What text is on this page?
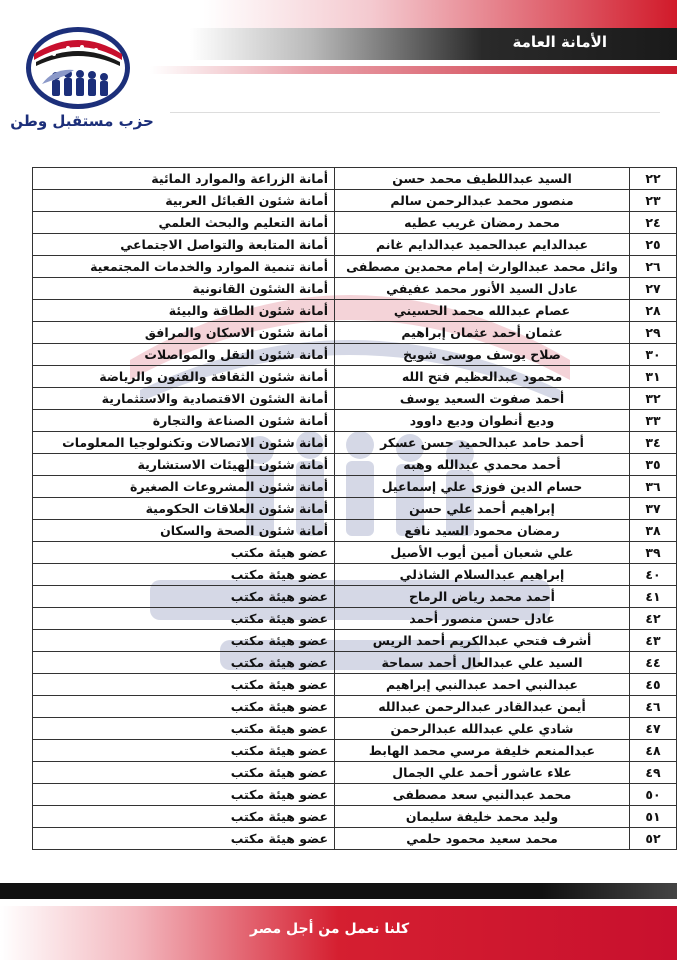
الأمانة العامة
حزب مستقبل وطن
٢٢	السيد عبداللطيف محمد حسن	أمانة الزراعة والموارد المائية
٢٣	منصور محمد عبدالرحمن سالم	أمانة شئون القبائل العربية
٢٤	محمد رمضان غريب عطيه	أمانة التعليم والبحث العلمي
٢٥	عبدالدايم عبدالحميد عبدالدايم غانم	أمانة المتابعة والتواصل الاجتماعي
٢٦	وائل محمد عبدالوارث إمام محمدين مصطفى	أمانة تنمية الموارد والخدمات المجتمعية
٢٧	عادل السيد الأنور محمد عفيفي	أمانة الشئون القانونية
٢٨	عصام عبدالله محمد الحسيني	أمانة شئون الطاقة والبيئة
٢٩	عثمان أحمد عثمان إبراهيم	أمانة شئون الاسكان والمرافق
٣٠	صلاح يوسف موسى شويخ	أمانة شئون النقل والمواصلات
٣١	محمود عبدالعظيم فتح الله	أمانة شئون الثقافة والفنون والرياضة
٣٢	أحمد صفوت السعيد يوسف	أمانة الشئون الاقتصادية والاستثمارية
٣٣	وديع أنطوان وديع داوود	أمانة شئون الصناعة والتجارة
٣٤	أحمد حامد عبدالحميد حسن عسكر	أمانة شئون الاتصالات وتكنولوجيا المعلومات
٣٥	أحمد محمدي عبدالله وهبه	أمانة شئون الهيئات الاستشارية
٣٦	حسام الدين فوزى علي إسماعيل	أمانة شئون المشروعات الصغيرة
٣٧	إبراهيم أحمد علي حسن	أمانة شئون العلاقات الحكومية
٣٨	رمضان محمود السيد نافع	أمانة شئون الصحة والسكان
٣٩	علي شعبان أمين أيوب الأصيل	عضو هيئة مكتب
٤٠	إبراهيم عبدالسلام الشاذلي	عضو هيئة مكتب
٤١	أحمد محمد رياض الرماح	عضو هيئة مكتب
٤٢	عادل حسن منصور أحمد	عضو هيئة مكتب
٤٣	أشرف فتحي عبدالكريم أحمد الريس	عضو هيئة مكتب
٤٤	السيد علي عبدالعال أحمد سماحة	عضو هيئة مكتب
٤٥	عبدالنبي احمد عبدالنبي إبراهيم	عضو هيئة مكتب
٤٦	أيمن عبدالقادر عبدالرحمن عبدالله	عضو هيئة مكتب
٤٧	شادي علي عبدالله عبدالرحمن	عضو هيئة مكتب
٤٨	عبدالمنعم خليفة مرسي محمد الهابط	عضو هيئة مكتب
٤٩	علاء عاشور أحمد علي الجمال	عضو هيئة مكتب
٥٠	محمد عبدالنبي سعد مصطفى	عضو هيئة مكتب
٥١	وليد محمد خليفة سليمان	عضو هيئة مكتب
٥٢	محمد سعيد محمود حلمي	عضو هيئة مكتب
كلنا نعمل من أجل مصر
